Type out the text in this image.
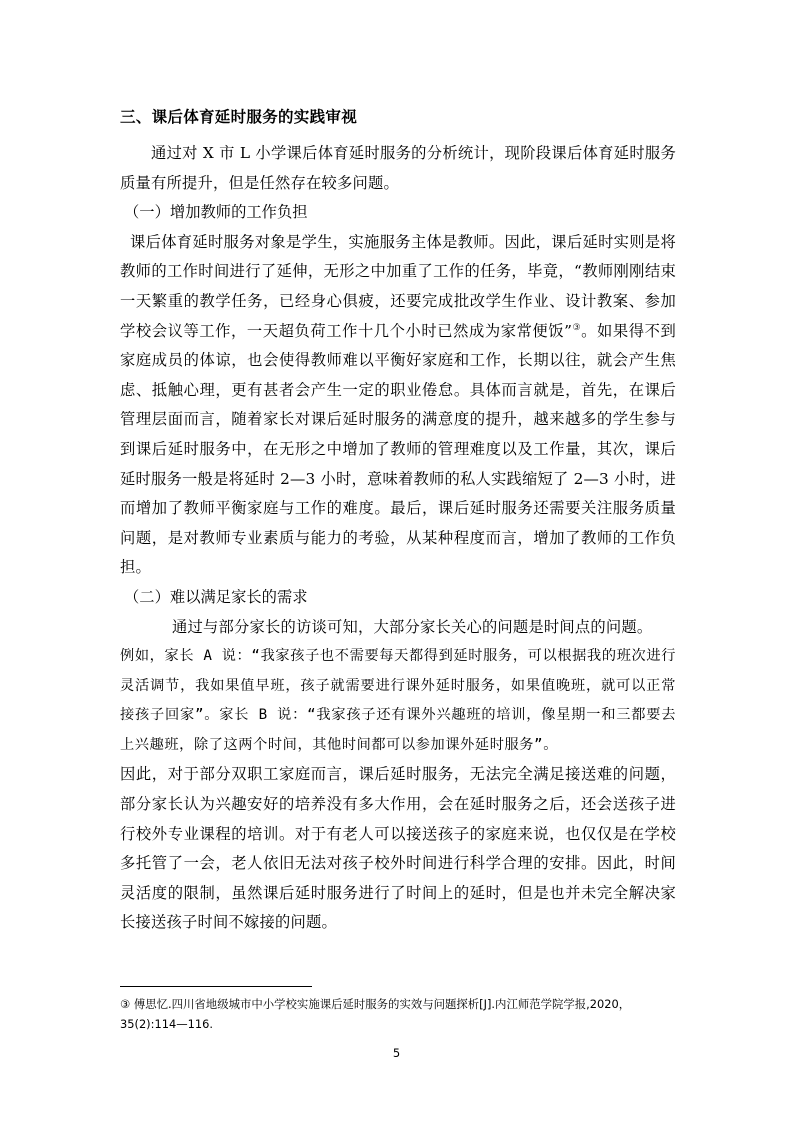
三、课后体育延时服务的实践审视

通过对 X 市 L 小学课后体育延时服务的分析统计，现阶段课后体育延时服务质量有所提升，但是任然存在较多问题。

（一）增加教师的工作负担

课后体育延时服务对象是学生，实施服务主体是教师。因此，课后延时实则是将教师的工作时间进行了延伸，无形之中加重了工作的任务，毕竟，“教师刚刚结束一天繁重的教学任务，已经身心俱疲，还要完成批改学生作业、设计教案、参加学校会议等工作，一天超负荷工作十几个小时已然成为家常便饭”③。如果得不到家庭成员的体谅，也会使得教师难以平衡好家庭和工作，长期以往，就会产生焦虑、抵触心理，更有甚者会产生一定的职业倦怠。具体而言就是，首先，在课后管理层面而言，随着家长对课后延时服务的满意度的提升，越来越多的学生参与到课后延时服务中，在无形之中增加了教师的管理难度以及工作量，其次，课后延时服务一般是将延时 2—3 小时，意味着教师的私人实践缩短了 2—3 小时，进而增加了教师平衡家庭与工作的难度。最后，课后延时服务还需要关注服务质量问题，是对教师专业素质与能力的考验，从某种程度而言，增加了教师的工作负担。

（二）难以满足家长的需求

通过与部分家长的访谈可知，大部分家长关心的问题是时间点的问题。

例如，家长 A 说：“我家孩子也不需要每天都得到延时服务，可以根据我的班次进行灵活调节，我如果值早班，孩子就需要进行课外延时服务，如果值晚班，就可以正常接孩子回家”。家长 B 说：“我家孩子还有课外兴趣班的培训，像星期一和三都要去上兴趣班，除了这两个时间，其他时间都可以参加课外延时服务”。

因此，对于部分双职工家庭而言，课后延时服务，无法完全满足接送难的问题，部分家长认为兴趣安好的培养没有多大作用，会在延时服务之后，还会送孩子进行校外专业课程的培训。对于有老人可以接送孩子的家庭来说，也仅仅是在学校多托管了一会，老人依旧无法对孩子校外时间进行科学合理的安排。因此，时间灵活度的限制，虽然课后延时服务进行了时间上的延时，但是也并未完全解决家长接送孩子时间不嫁接的问题。

③ 傅思忆.四川省地级城市中小学校实施课后延时服务的实效与问题探析[J].内江师范学院学报,2020，35(2):114—116.
5
